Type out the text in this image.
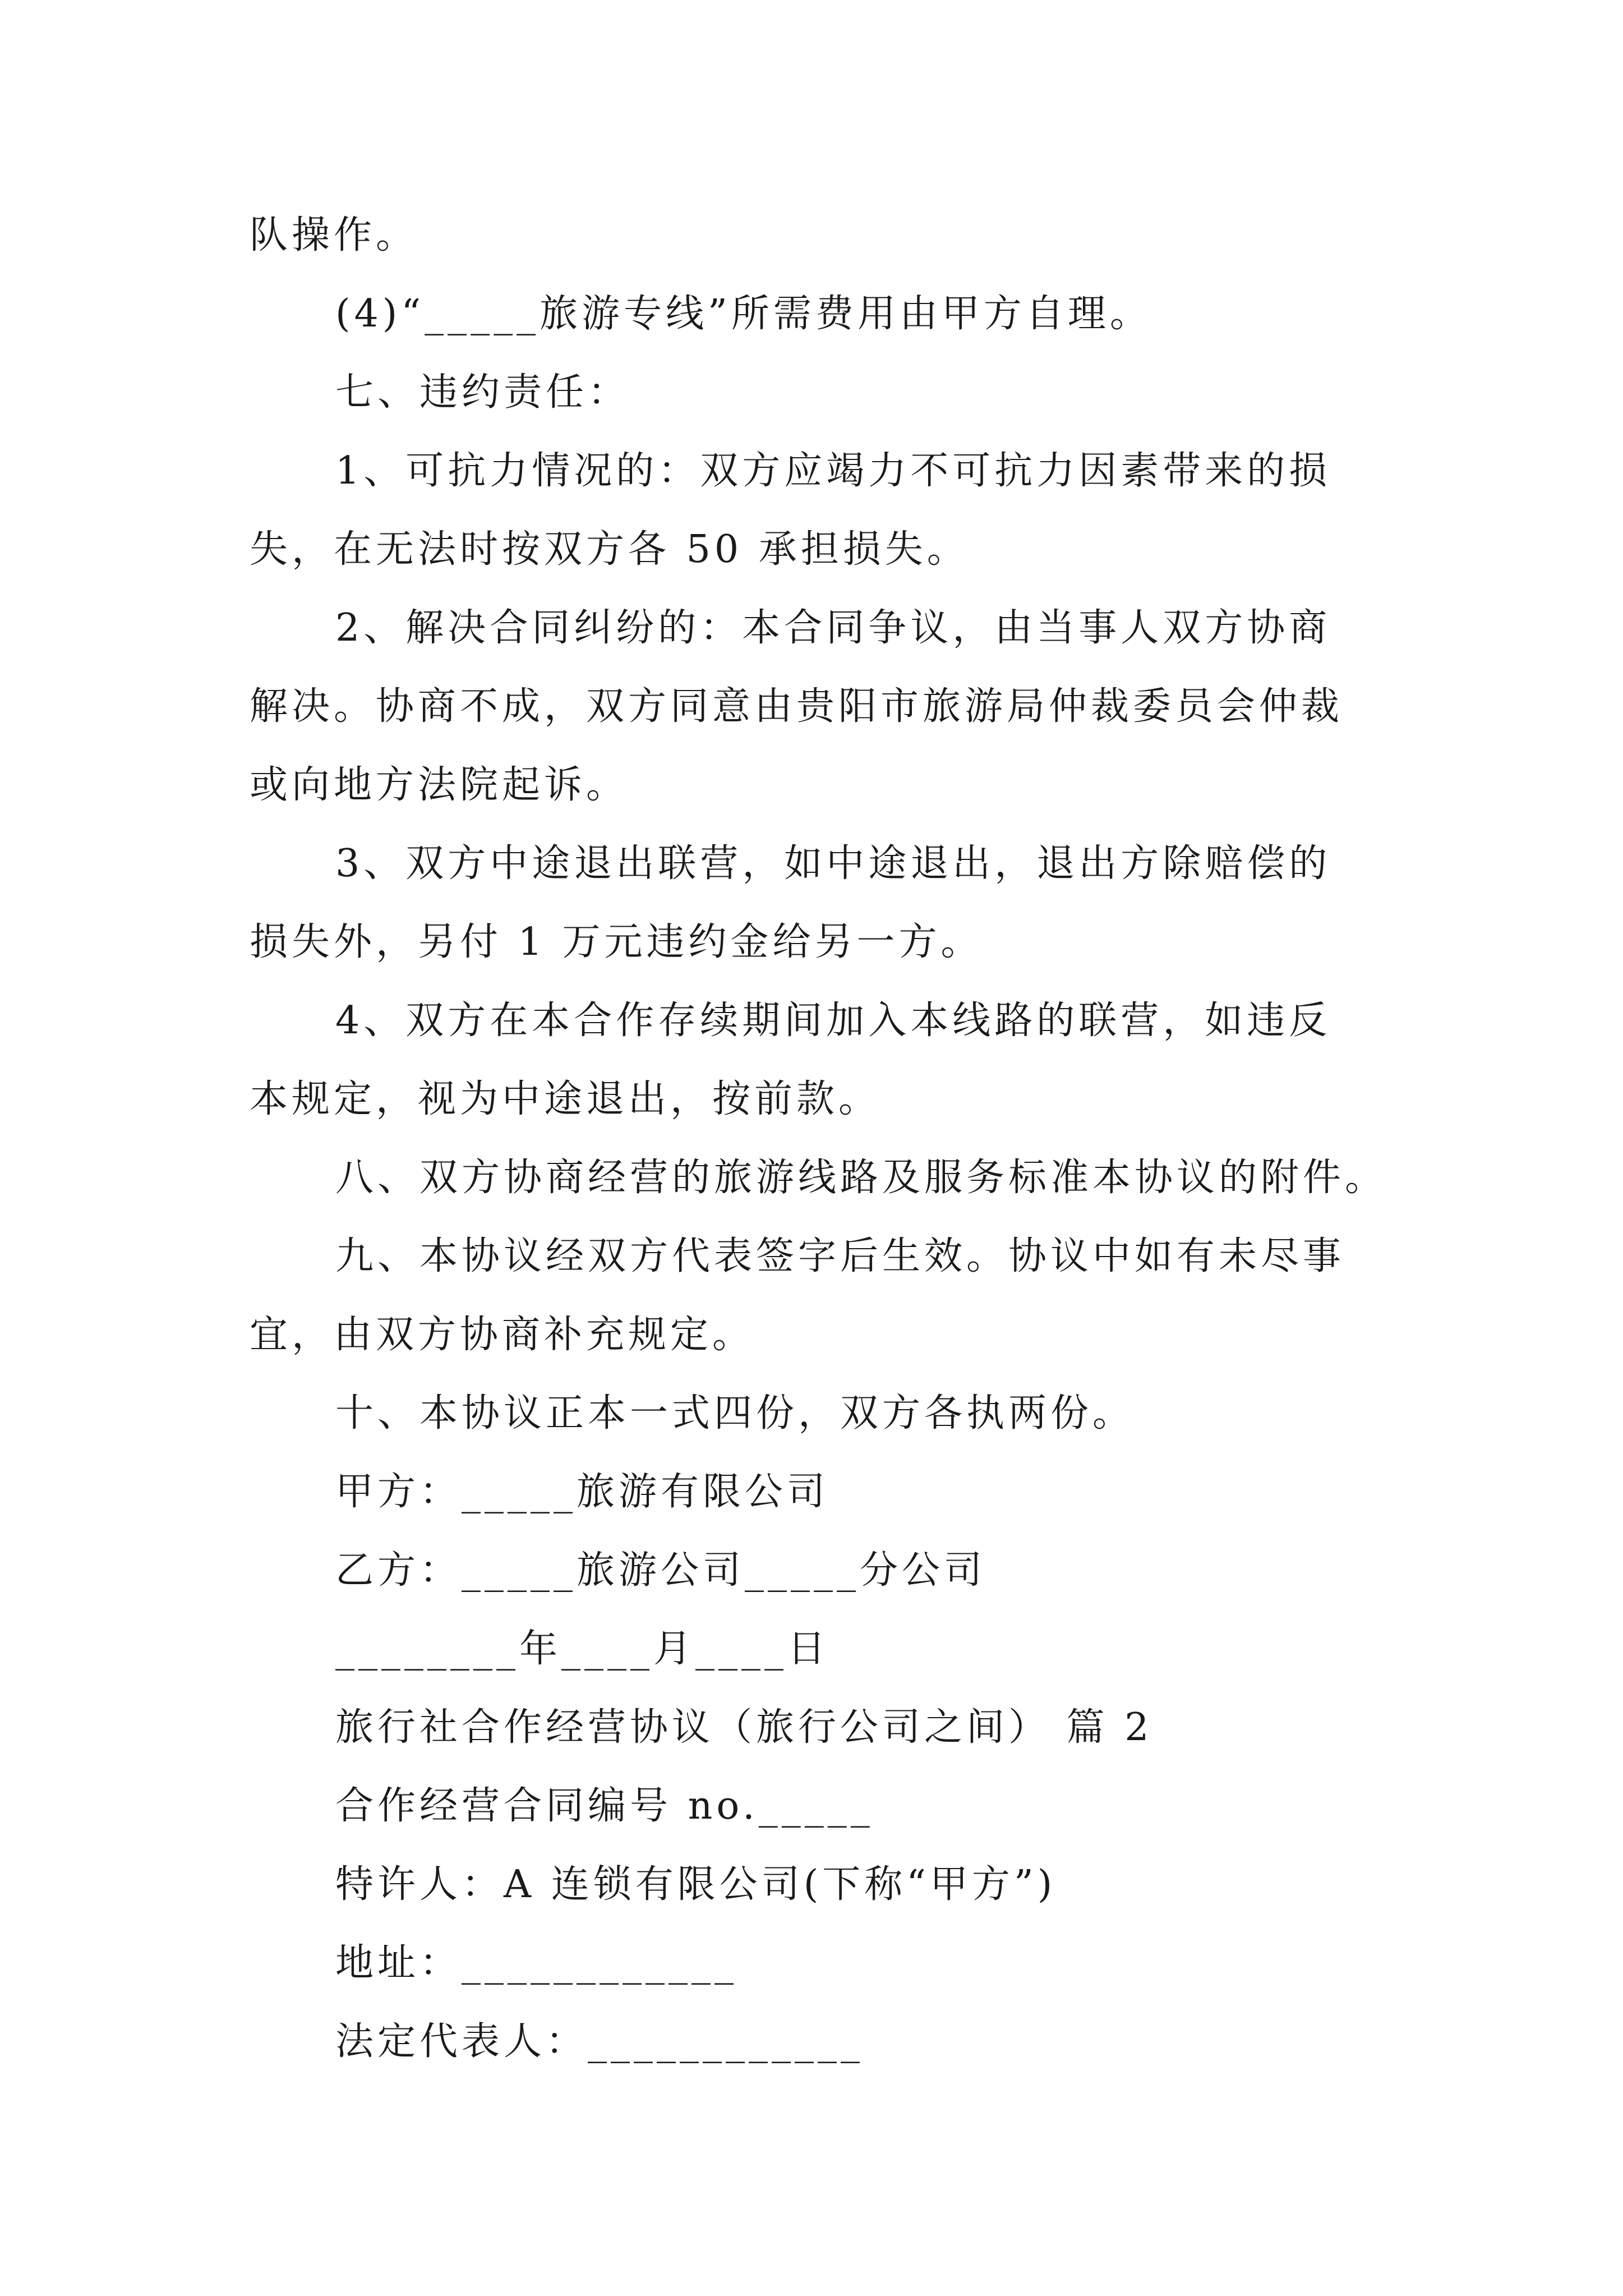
队操作。
(4)“_____旅游专线”所需费用由甲方自理。
七、违约责任：
1、可抗力情况的：双方应竭力不可抗力因素带来的损
失，在无法时按双方各 50 承担损失。
2、解决合同纠纷的：本合同争议，由当事人双方协商
解决。协商不成，双方同意由贵阳市旅游局仲裁委员会仲裁
或向地方法院起诉。
3、双方中途退出联营，如中途退出，退出方除赔偿的
损失外，另付 1 万元违约金给另一方。
4、双方在本合作存续期间加入本线路的联营，如违反
本规定，视为中途退出，按前款。
八、双方协商经营的旅游线路及服务标准本协议的附件。
九、本协议经双方代表签字后生效。协议中如有未尽事
宜，由双方协商补充规定。
十、本协议正本一式四份，双方各执两份。
甲方：_____旅游有限公司
乙方：_____旅游公司_____分公司
________年____月____日
旅行社合作经营协议（旅行公司之间） 篇 2
合作经营合同编号 no._____
特许人：A 连锁有限公司(下称“甲方”)
地址：____________
法定代表人：____________
